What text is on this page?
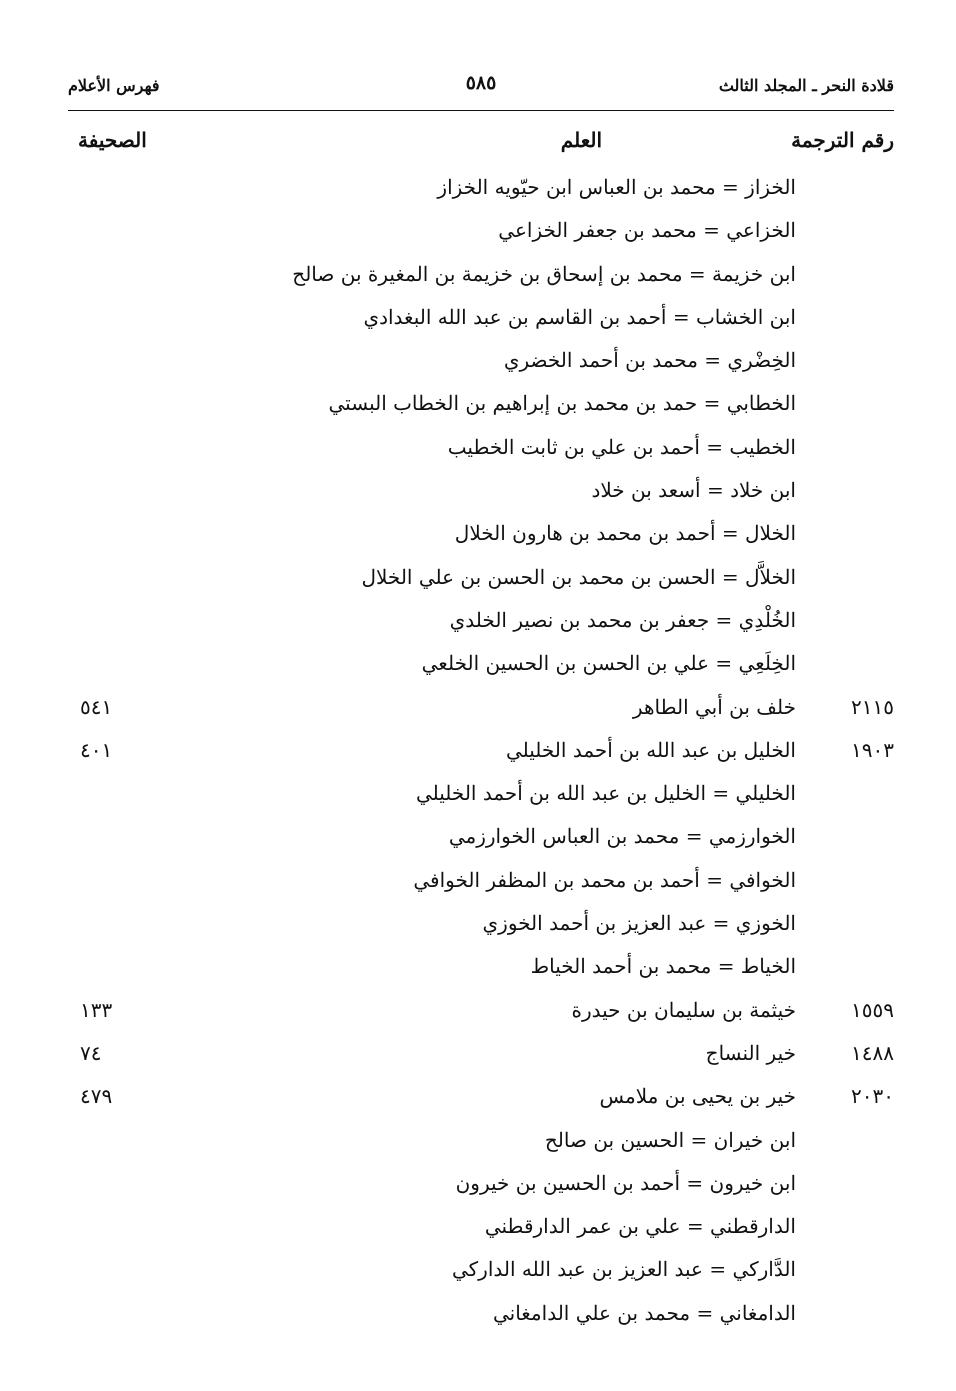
قلادة النحر ـ المجلد الثالث
٥٨٥
فهرس الأعلام
رقم الترجمة
العلم
الصحيفة
الخزاز = محمد بن العباس ابن حيّويه الخزاز
الخزاعي = محمد بن جعفر الخزاعي
ابن خزيمة = محمد بن إسحاق بن خزيمة بن المغيرة بن صالح
ابن الخشاب = أحمد بن القاسم بن عبد الله البغدادي
الخِضْري = محمد بن أحمد الخضري
الخطابي = حمد بن محمد بن إبراهيم بن الخطاب البستي
الخطيب = أحمد بن علي بن ثابت الخطيب
ابن خلاد = أسعد بن خلاد
الخلال = أحمد بن محمد بن هارون الخلال
الخلاَّل = الحسن بن محمد بن الحسن بن علي الخلال
الخُلْدِي = جعفر بن محمد بن نصير الخلدي
الخِلَعِي = علي بن الحسن بن الحسين الخلعي
٢١١٥
خلف بن أبي الطاهر
٥٤١
١٩٠٣
الخليل بن عبد الله بن أحمد الخليلي
٤٠١
الخليلي = الخليل بن عبد الله بن أحمد الخليلي
الخوارزمي = محمد بن العباس الخوارزمي
الخوافي = أحمد بن محمد بن المظفر الخوافي
الخوزي = عبد العزيز بن أحمد الخوزي
الخياط = محمد بن أحمد الخياط
١٥٥٩
خيثمة بن سليمان بن حيدرة
١٣٣
١٤٨٨
خير النساج
٧٤
٢٠٣٠
خير بن يحيى بن ملامس
٤٧٩
ابن خيران = الحسين بن صالح
ابن خيرون = أحمد بن الحسين بن خيرون
الدارقطني = علي بن عمر الدارقطني
الدَّاركي = عبد العزيز بن عبد الله الداركي
الدامغاني = محمد بن علي الدامغاني
